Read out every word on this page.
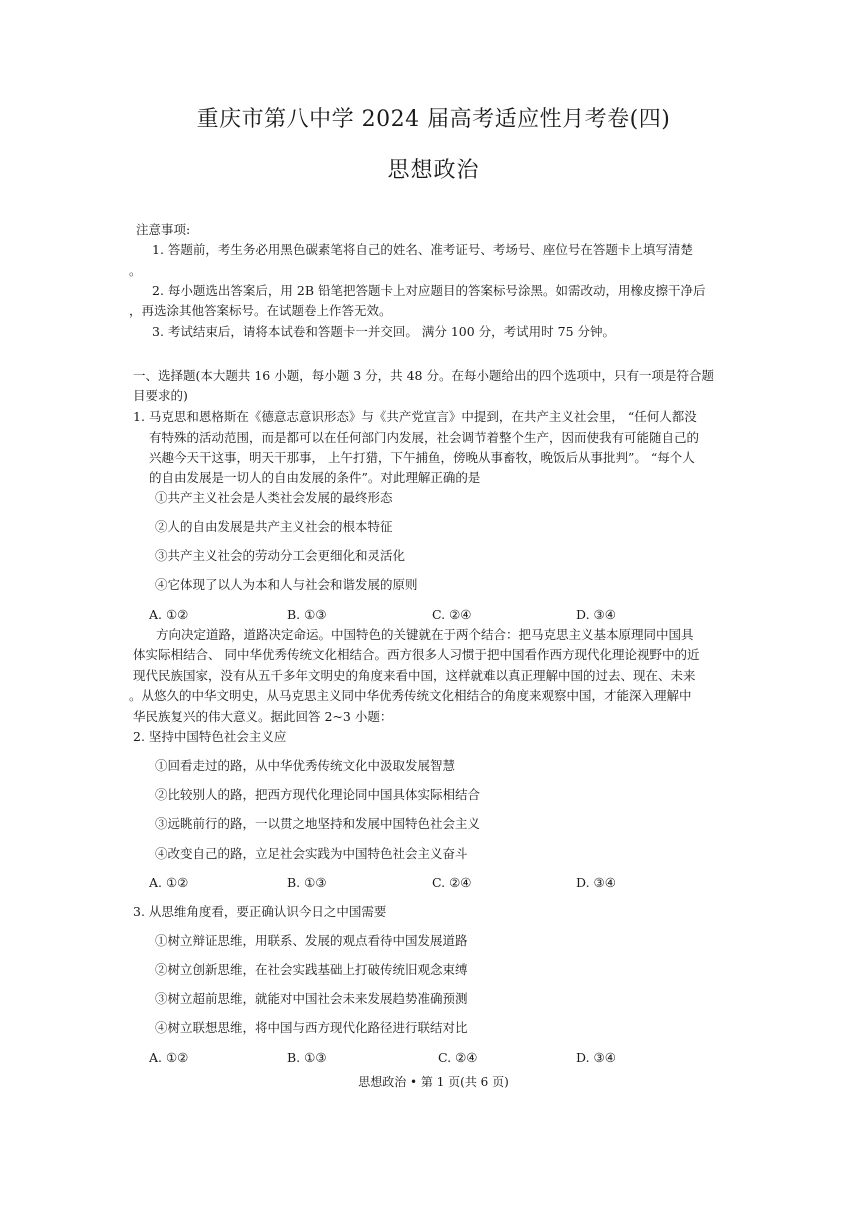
重庆市第八中学 2024 届高考适应性月考卷(四)
思想政治
注意事项:
1. 答题前，考生务必用黑色碳素笔将自己的姓名、准考证号、考场号、座位号在答题卡上填写清楚
。
2. 每小题选出答案后，用 2B 铅笔把答题卡上对应题目的答案标号涂黑。如需改动，用橡皮擦干净后
，再选涂其他答案标号。在试题卷上作答无效。
3. 考试结束后，请将本试卷和答题卡一并交回。 满分 100 分，考试用时 75 分钟。
一、选择题(本大题共 16 小题，每小题 3 分，共 48 分。在每小题给出的四个选项中，只有一项是符合题
目要求的)
1. 马克思和恩格斯在《德意志意识形态》与《共产党宣言》中提到，在共产主义社会里， “任何人都没
有特殊的活动范围，而是都可以在任何部门内发展，社会调节着整个生产，因而使我有可能随自己的
兴趣今天干这事，明天干那事， 上午打猎，下午捕鱼，傍晚从事畜牧，晚饭后从事批判”。 “每个人
的自由发展是一切人的自由发展的条件”。对此理解正确的是
①共产主义社会是人类社会发展的最终形态
②人的自由发展是共产主义社会的根本特征
③共产主义社会的劳动分工会更细化和灵活化
④它体现了以人为本和人与社会和谐发展的原则
A. ①②	B. ①③	C. ②④	D. ③④
方向决定道路，道路决定命运。中国特色的关键就在于两个结合：把马克思主义基本原理同中国具
体实际相结合、 同中华优秀传统文化相结合。西方很多人习惯于把中国看作西方现代化理论视野中的近
现代民族国家，没有从五千多年文明史的角度来看中国，这样就难以真正理解中国的过去、现在、未来
。从悠久的中华文明史，从马克思主义同中华优秀传统文化相结合的角度来观察中国，才能深入理解中
华民族复兴的伟大意义。据此回答 2~3 小题：
2. 坚持中国特色社会主义应
①回看走过的路，从中华优秀传统文化中汲取发展智慧
②比较别人的路，把西方现代化理论同中国具体实际相结合
③远眺前行的路，一以贯之地坚持和发展中国特色社会主义
④改变自己的路，立足社会实践为中国特色社会主义奋斗
A. ①②	B. ①③	C. ②④	D. ③④
3. 从思维角度看，要正确认识今日之中国需要
①树立辩证思维，用联系、发展的观点看待中国发展道路
②树立创新思维，在社会实践基础上打破传统旧观念束缚
③树立超前思维，就能对中国社会未来发展趋势准确预测
④树立联想思维，将中国与西方现代化路径进行联结对比
A. ①②	B. ①③	C. ②④	D. ③④
思想政治 • 第 1 页(共 6 页)
